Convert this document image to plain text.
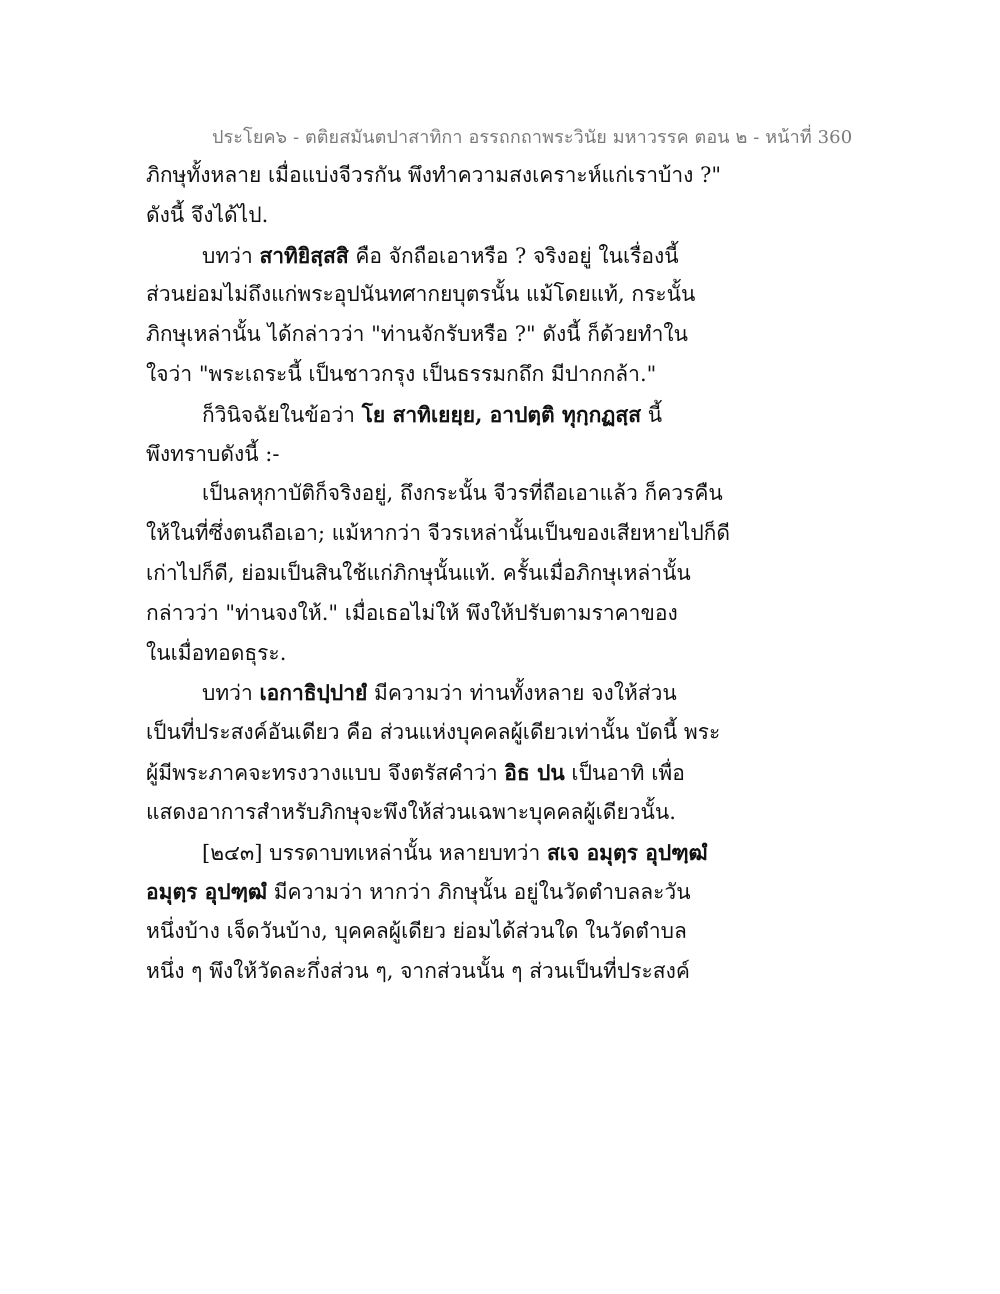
ประโยค๖ - ตติยสมันตปาสาทิกา อรรถกถาพระวินัย มหาวรรค ตอน ๒ - หน้าที่ 360
ภิกษุทั้งหลาย เมื่อแบ่งจีวรกัน พึงทำความสงเคราะห์แก่เราบ้าง ?"
ดังนี้ จึงได้ไป.
บทว่า สาทิยิสฺสสิ คือ จักถือเอาหรือ ? จริงอยู่ ในเรื่องนี้
ส่วนย่อมไม่ถึงแก่พระอุปนันทศากยบุตรนั้น แม้โดยแท้, กระนั้น
ภิกษุเหล่านั้น ได้กล่าวว่า "ท่านจักรับหรือ ?" ดังนี้ ก็ด้วยทำใน
ใจว่า "พระเถระนี้ เป็นชาวกรุง เป็นธรรมกถึก มีปากกล้า."
ก็วินิจฉัยในข้อว่า โย สาทิเยยฺย, อาปตฺติ ทุกฺกฏสฺส นี้
พึงทราบดังนี้ :-
เป็นลหุกาบัติก็จริงอยู่, ถึงกระนั้น จีวรที่ถือเอาแล้ว ก็ควรคืน
ให้ในที่ซึ่งตนถือเอา; แม้หากว่า จีวรเหล่านั้นเป็นของเสียหายไปก็ดี
เก่าไปก็ดี, ย่อมเป็นสินใช้แก่ภิกษุนั้นแท้. ครั้นเมื่อภิกษุเหล่านั้น
กล่าวว่า "ท่านจงให้." เมื่อเธอไม่ให้ พึงให้ปรับตามราคาของ
ในเมื่อทอดธุระ.
บทว่า เอกาธิปฺปายํ มีความว่า ท่านทั้งหลาย จงให้ส่วน
เป็นที่ประสงค์อันเดียว คือ ส่วนแห่งบุคคลผู้เดียวเท่านั้น บัดนี้ พระ
ผู้มีพระภาคจะทรงวางแบบ จึงตรัสคำว่า อิธ ปน เป็นอาทิ เพื่อ
แสดงอาการสำหรับภิกษุจะพึงให้ส่วนเฉพาะบุคคลผู้เดียวนั้น.
[๒๔๓] บรรดาบทเหล่านั้น หลายบทว่า สเจ อมุตฺร อุปฑฺฒํ
อมุตฺร อุปฑฺฒํ มีความว่า หากว่า ภิกษุนั้น อยู่ในวัดตำบลละวัน
หนึ่งบ้าง เจ็ดวันบ้าง, บุคคลผู้เดียว ย่อมได้ส่วนใด ในวัดตำบล
หนึ่ง ๆ พึงให้วัดละกึ่งส่วน ๆ, จากส่วนนั้น ๆ ส่วนเป็นที่ประสงค์
